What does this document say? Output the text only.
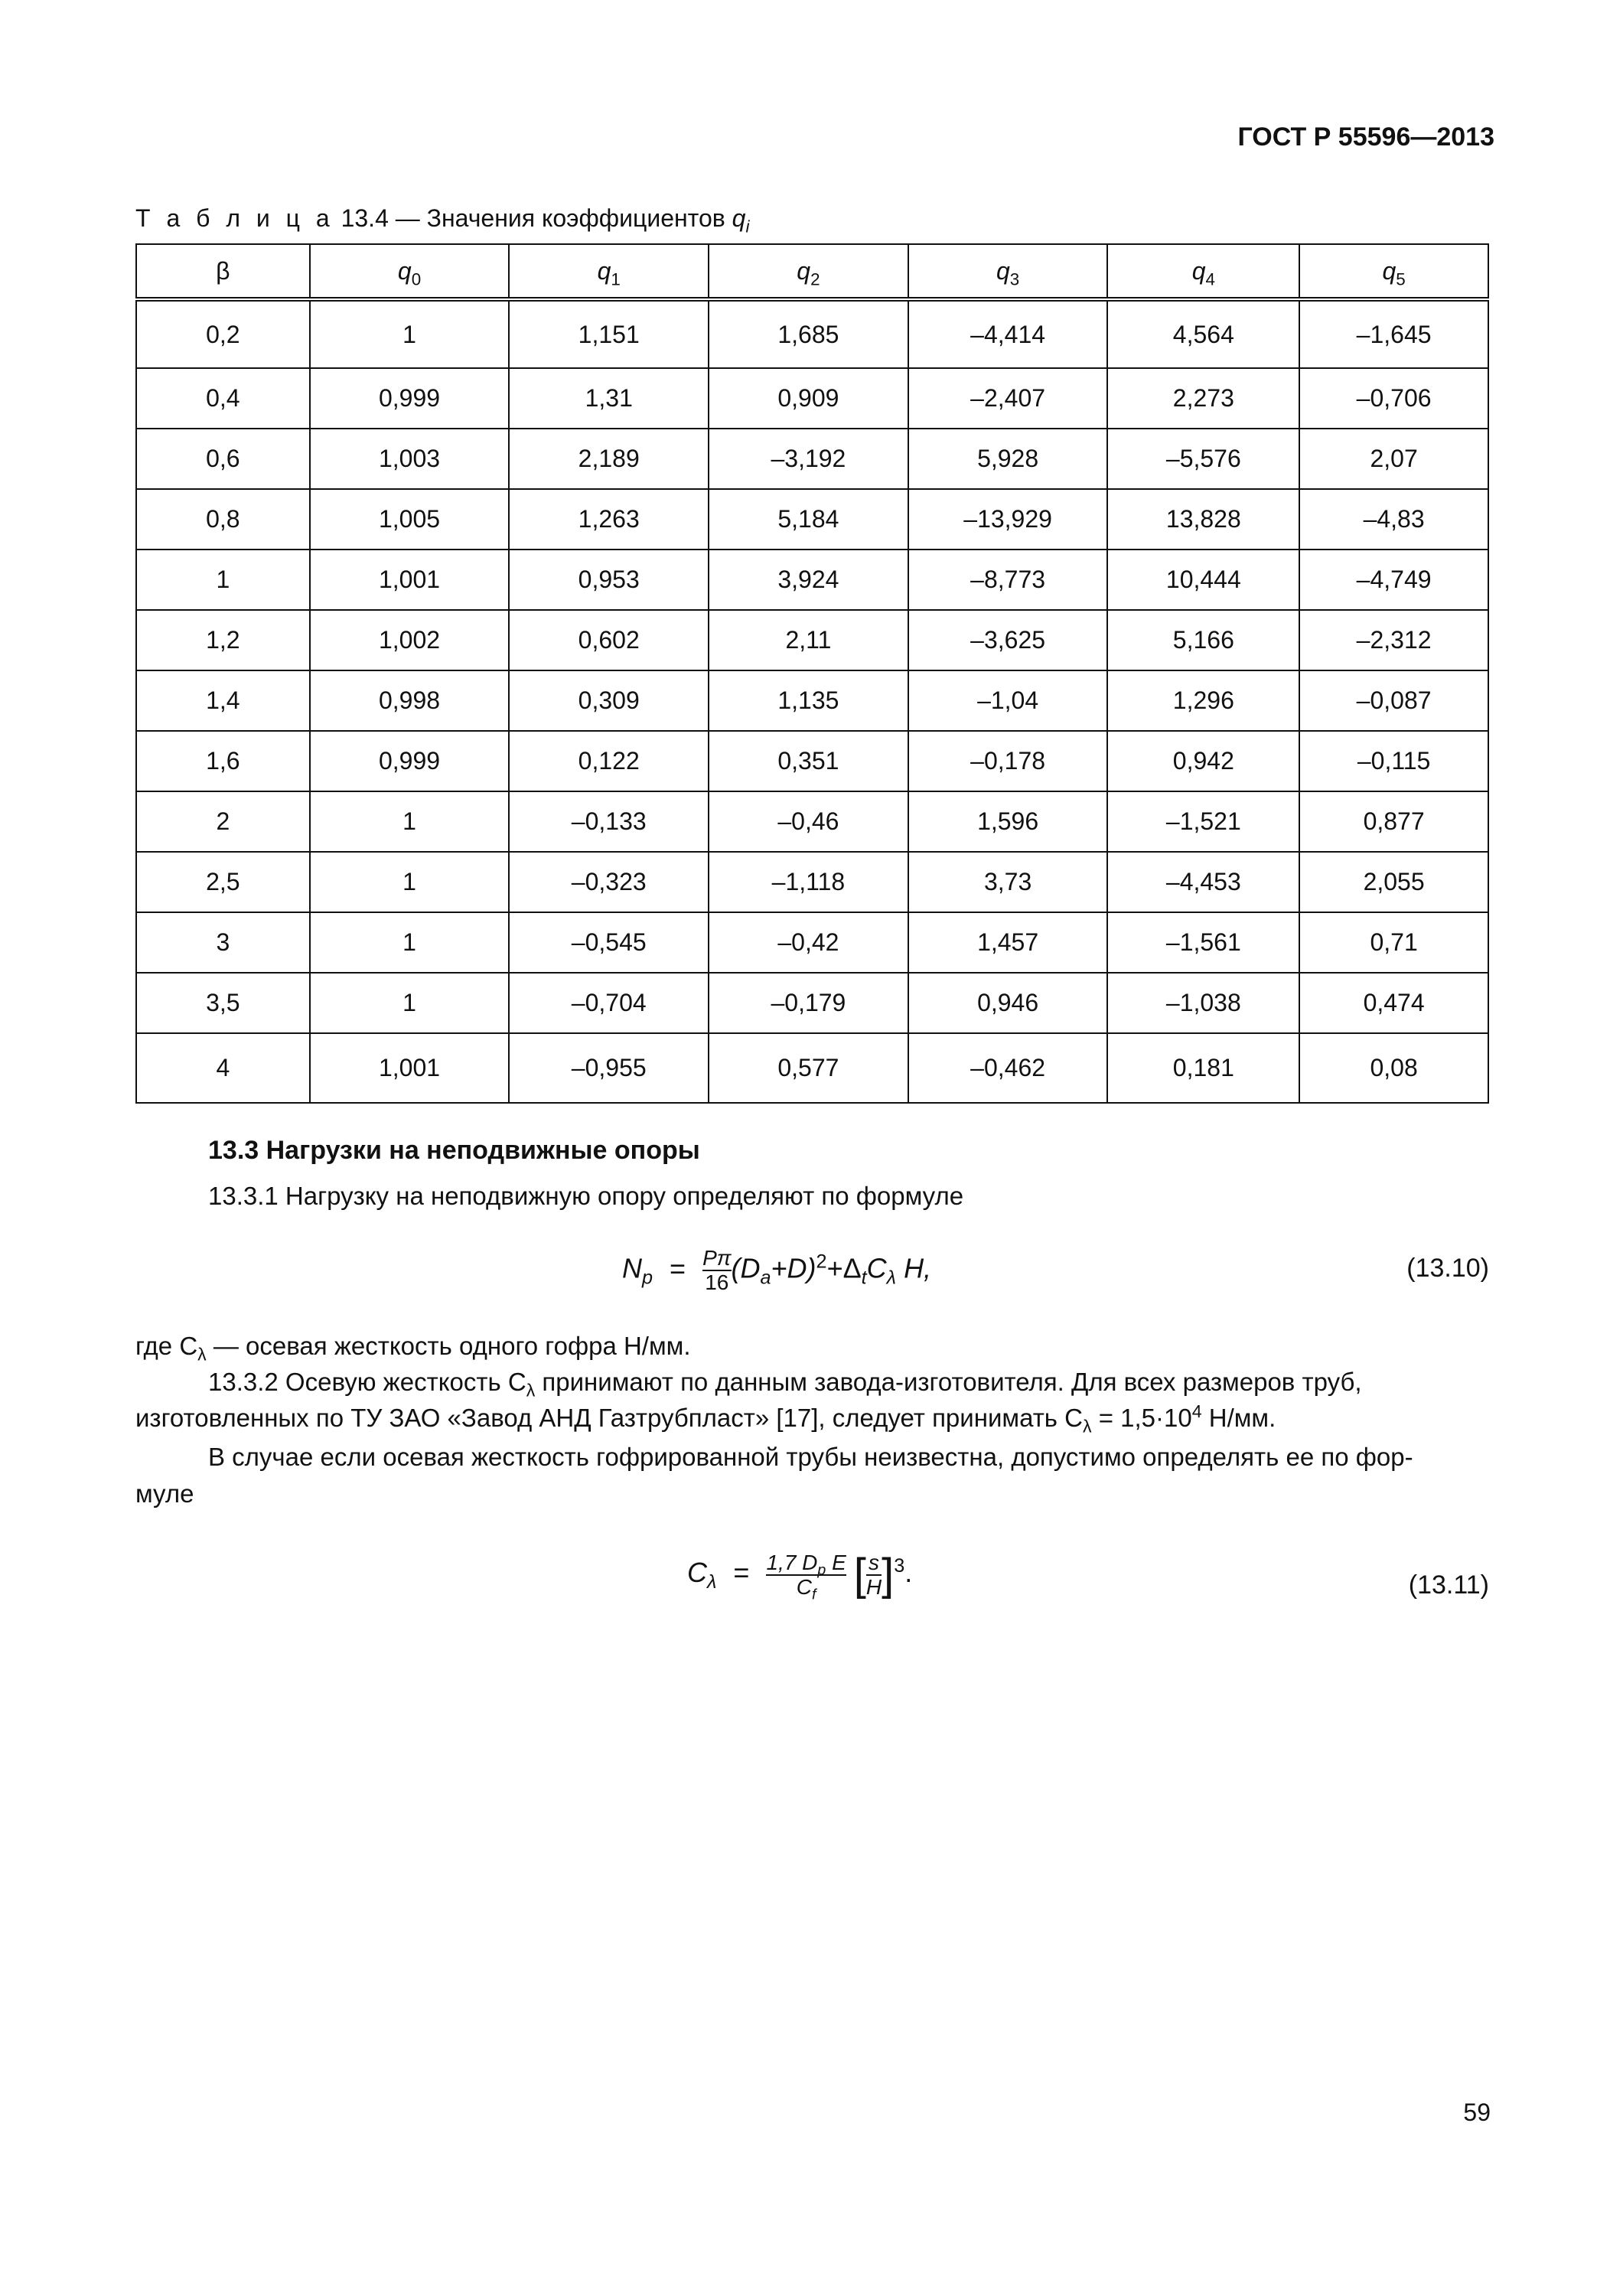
ГОСТ Р 55596—2013
Т а б л и ц а 13.4 — Значения коэффициентов $q_i$
β	$q_0$	$q_1$	$q_2$	$q_3$	$q_4$	$q_5$
0,2	1	1,151	1,685	–4,414	4,564	–1,645
0,4	0,999	1,31	0,909	–2,407	2,273	–0,706
0,6	1,003	2,189	–3,192	5,928	–5,576	2,07
0,8	1,005	1,263	5,184	–13,929	13,828	–4,83
1	1,001	0,953	3,924	–8,773	10,444	–4,749
1,2	1,002	0,602	2,11	–3,625	5,166	–2,312
1,4	0,998	0,309	1,135	–1,04	1,296	–0,087
1,6	0,999	0,122	0,351	–0,178	0,942	–0,115
2	1	–0,133	–0,46	1,596	–1,521	0,877
2,5	1	–0,323	–1,118	3,73	–4,453	2,055
3	1	–0,545	–0,42	1,457	–1,561	0,71
3,5	1	–0,704	–0,179	0,946	–1,038	0,474
4	1,001	–0,955	0,577	–0,462	0,181	0,08
13.3 Нагрузки на неподвижные опоры
13.3.1 Нагрузку на неподвижную опору определяют по формуле
$N_p = \frac{P\pi}{16} (D_a+D)^2+\Delta_tC_\lambda$ H,	(13.10)
где $C_\lambda$ — осевая жесткость одного гофра Н/мм.
13.3.2 Осевую жесткость $C_\lambda$ принимают по данным завода-изготовителя. Для всех размеров труб,
изготовленных по ТУ ЗАО «Завод АНД Газтрубпласт» [17], следует принимать $C_\lambda = 1,5\cdot 10^4$ Н/мм.
В случае если осевая жесткость гофрированной трубы неизвестна, допустимо определять ее по фор-
муле
$C_\lambda = \frac{1,7 D_p E}{C_f}$ [ $\frac{s}{H} ]^3$.	(13.11)
59
